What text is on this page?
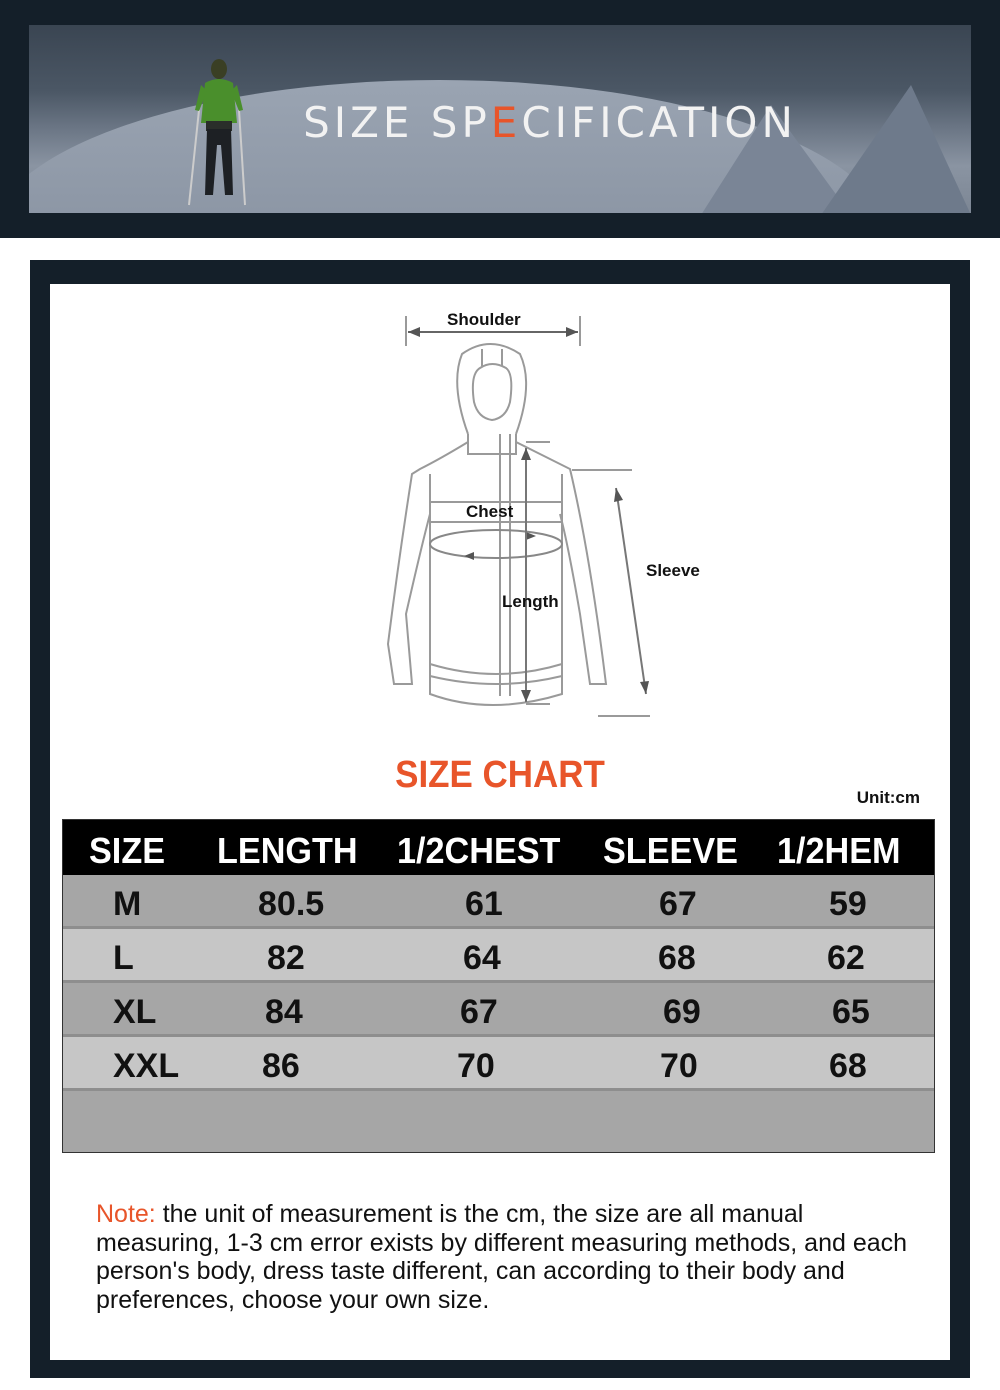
SIZE SPECIFICATION
Shoulder
Chest
Length
Sleeve
SIZE CHART
Unit:cm
SIZE LENGTH 1/2CHEST SLEEVE 1/2HEM
M	80.5	61	67	59
L	82	64	68	62
XL	84	67	69	65
XXL 86	70	70	68
Note: the unit of measurement is the cm, the size are all manual measuring, 1-3 cm error exists by different measuring methods, and each person's body, dress taste different, can according to their body and preferences, choose your own size.
